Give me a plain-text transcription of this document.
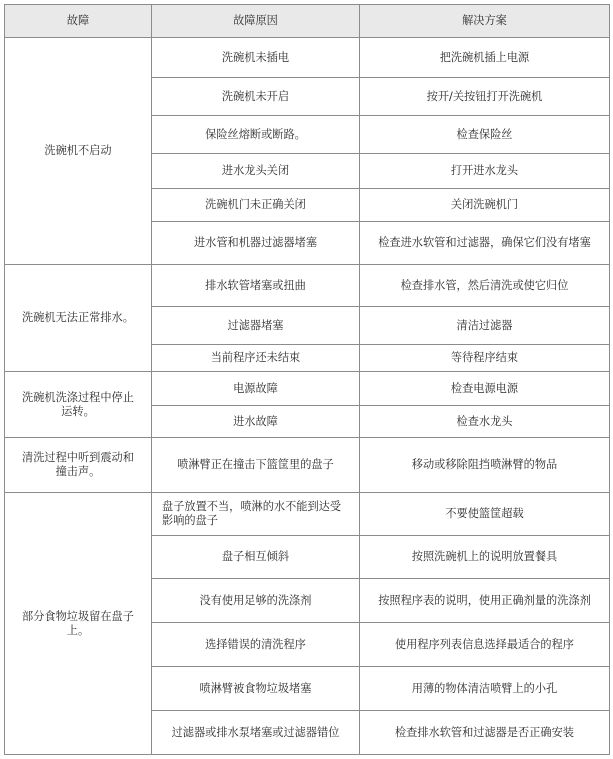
故障	故障原因	解决方案
洗碗机不启动	洗碗机未插电	把洗碗机插上电源
	洗碗机未开启	按开/关按钮打开洗碗机
	保险丝熔断或断路。	检查保险丝
	进水龙头关闭	打开进水龙头
	洗碗机门未正确关闭	关闭洗碗机门
	进水管和机器过滤器堵塞	检查进水软管和过滤器，确保它们没有堵塞
洗碗机无法正常排水。	排水软管堵塞或扭曲	检查排水管，然后清洗或使它归位
	过滤器堵塞	清洁过滤器
	当前程序还未结束	等待程序结束
洗碗机洗涤过程中停止运转。	电源故障	检查电源电源
	进水故障	检查水龙头
清洗过程中听到震动和撞击声。	喷淋臂正在撞击下篮筐里的盘子	移动或移除阻挡喷淋臂的物品
部分食物垃圾留在盘子上。	盘子放置不当，喷淋的水不能到达受影响的盘子	不要使篮筐超载
	盘子相互倾斜	按照洗碗机上的说明放置餐具
	没有使用足够的洗涤剂	按照程序表的说明，使用正确剂量的洗涤剂
	选择错误的清洗程序	使用程序列表信息选择最适合的程序
	喷淋臂被食物垃圾堵塞	用薄的物体清洁喷臂上的小孔
	过滤器或排水泵堵塞或过滤器错位	检查排水软管和过滤器是否正确安装
